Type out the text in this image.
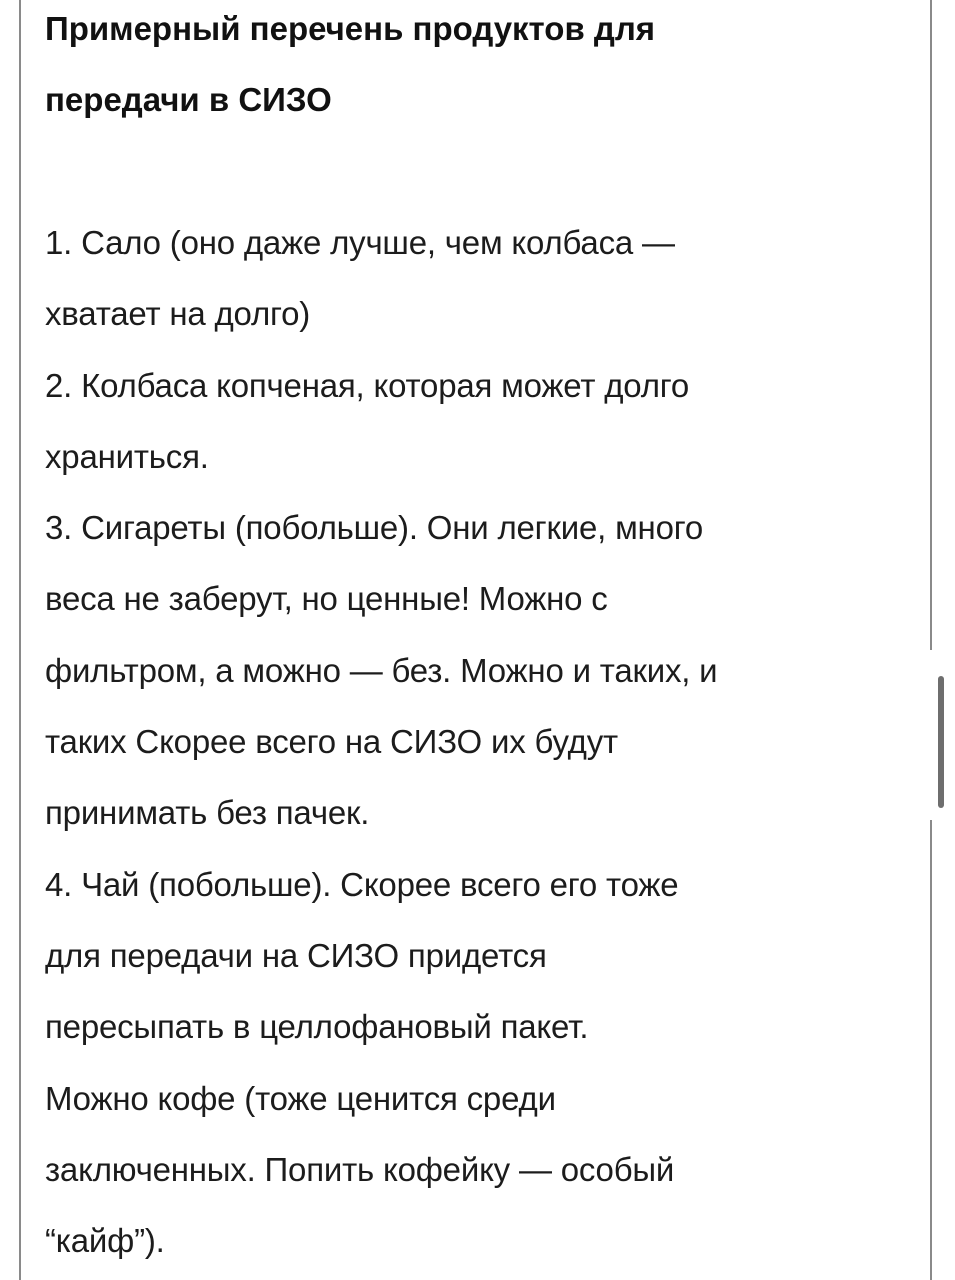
Примерный перечень продуктов для
передачи в СИЗО
1. Сало (оно даже лучше, чем колбаса —
хватает на долго)
2. Колбаса копченая, которая может долго
храниться.
3. Сигареты (побольше). Они легкие, много
веса не заберут, но ценные! Можно с
фильтром, а можно — без. Можно и таких, и
таких Скорее всего на СИЗО их будут
принимать без пачек.
4. Чай (побольше). Скорее всего его тоже
для передачи на СИЗО придется
пересыпать в целлофановый пакет.
Можно кофе (тоже ценится среди
заключенных. Попить кофейку — особый
“кайф”).
